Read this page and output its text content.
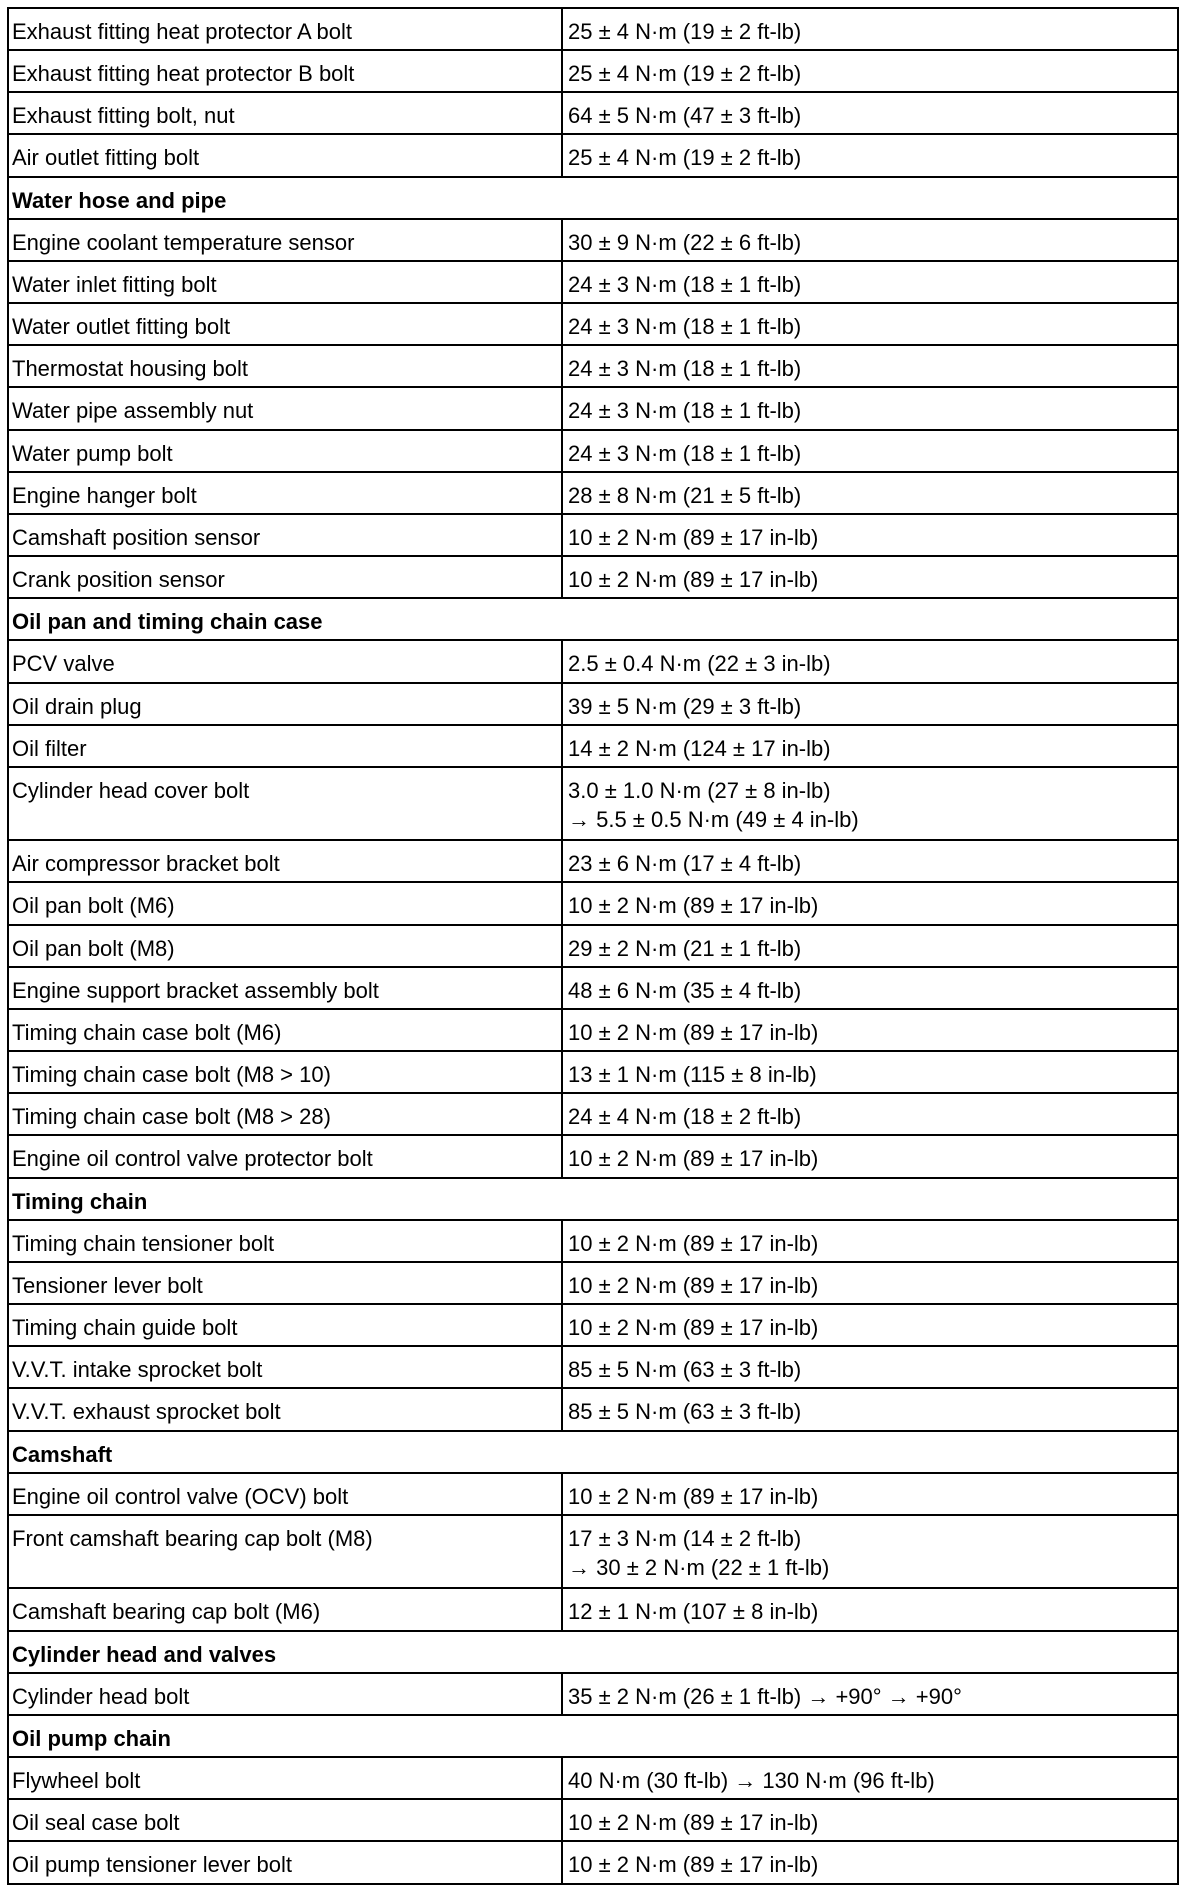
Exhaust fitting heat protector A bolt	25 ± 4 N·m (19 ± 2 ft-lb)

Exhaust fitting heat protector B bolt	25 ± 4 N·m (19 ± 2 ft-lb)

Exhaust fitting bolt, nut	64 ± 5 N·m (47 ± 3 ft-lb)

Air outlet fitting bolt	25 ± 4 N·m (19 ± 2 ft-lb)

Water hose and pipe	
Engine coolant temperature sensor	30 ± 9 N·m (22 ± 6 ft-lb)

Water inlet fitting bolt	24 ± 3 N·m (18 ± 1 ft-lb)

Water outlet fitting bolt	24 ± 3 N·m (18 ± 1 ft-lb)

Thermostat housing bolt	24 ± 3 N·m (18 ± 1 ft-lb)

Water pipe assembly nut	24 ± 3 N·m (18 ± 1 ft-lb)

Water pump bolt	24 ± 3 N·m (18 ± 1 ft-lb)

Engine hanger bolt	28 ± 8 N·m (21 ± 5 ft-lb)

Camshaft position sensor	10 ± 2 N·m (89 ± 17 in-lb)

Crank position sensor	10 ± 2 N·m (89 ± 17 in-lb)

Oil pan and timing chain case	
PCV valve	2.5 ± 0.4 N·m (22 ± 3 in-lb)

Oil drain plug	39 ± 5 N·m (29 ± 3 ft-lb)

Oil filter	14 ± 2 N·m (124 ± 17 in-lb)

Cylinder head cover bolt	3.0 ± 1.0 N·m (27 ± 8 in-lb)
→ 5.5 ± 0.5 N·m (49 ± 4 in-lb)

Air compressor bracket bolt	23 ± 6 N·m (17 ± 4 ft-lb)

Oil pan bolt (M6)	10 ± 2 N·m (89 ± 17 in-lb)

Oil pan bolt (M8)	29 ± 2 N·m (21 ± 1 ft-lb)

Engine support bracket assembly bolt	48 ± 6 N·m (35 ± 4 ft-lb)

Timing chain case bolt (M6)	10 ± 2 N·m (89 ± 17 in-lb)

Timing chain case bolt (M8 > 10)	13 ± 1 N·m (115 ± 8 in-lb)

Timing chain case bolt (M8 > 28)	24 ± 4 N·m (18 ± 2 ft-lb)

Engine oil control valve protector bolt	10 ± 2 N·m (89 ± 17 in-lb)

Timing chain	
Timing chain tensioner bolt	10 ± 2 N·m (89 ± 17 in-lb)

Tensioner lever bolt	10 ± 2 N·m (89 ± 17 in-lb)

Timing chain guide bolt	10 ± 2 N·m (89 ± 17 in-lb)

V.V.T. intake sprocket bolt	85 ± 5 N·m (63 ± 3 ft-lb)

V.V.T. exhaust sprocket bolt	85 ± 5 N·m (63 ± 3 ft-lb)

Camshaft	
Engine oil control valve (OCV) bolt	10 ± 2 N·m (89 ± 17 in-lb)

Front camshaft bearing cap bolt (M8)	17 ± 3 N·m (14 ± 2 ft-lb)
→ 30 ± 2 N·m (22 ± 1 ft-lb)

Camshaft bearing cap bolt (M6)	12 ± 1 N·m (107 ± 8 in-lb)

Cylinder head and valves	
Cylinder head bolt	35 ± 2 N·m (26 ± 1 ft-lb) → +90° → +90°

Oil pump chain	
Flywheel bolt	40 N·m (30 ft-lb) → 130 N·m (96 ft-lb)

Oil seal case bolt	10 ± 2 N·m (89 ± 17 in-lb)

Oil pump tensioner lever bolt	10 ± 2 N·m (89 ± 17 in-lb)
